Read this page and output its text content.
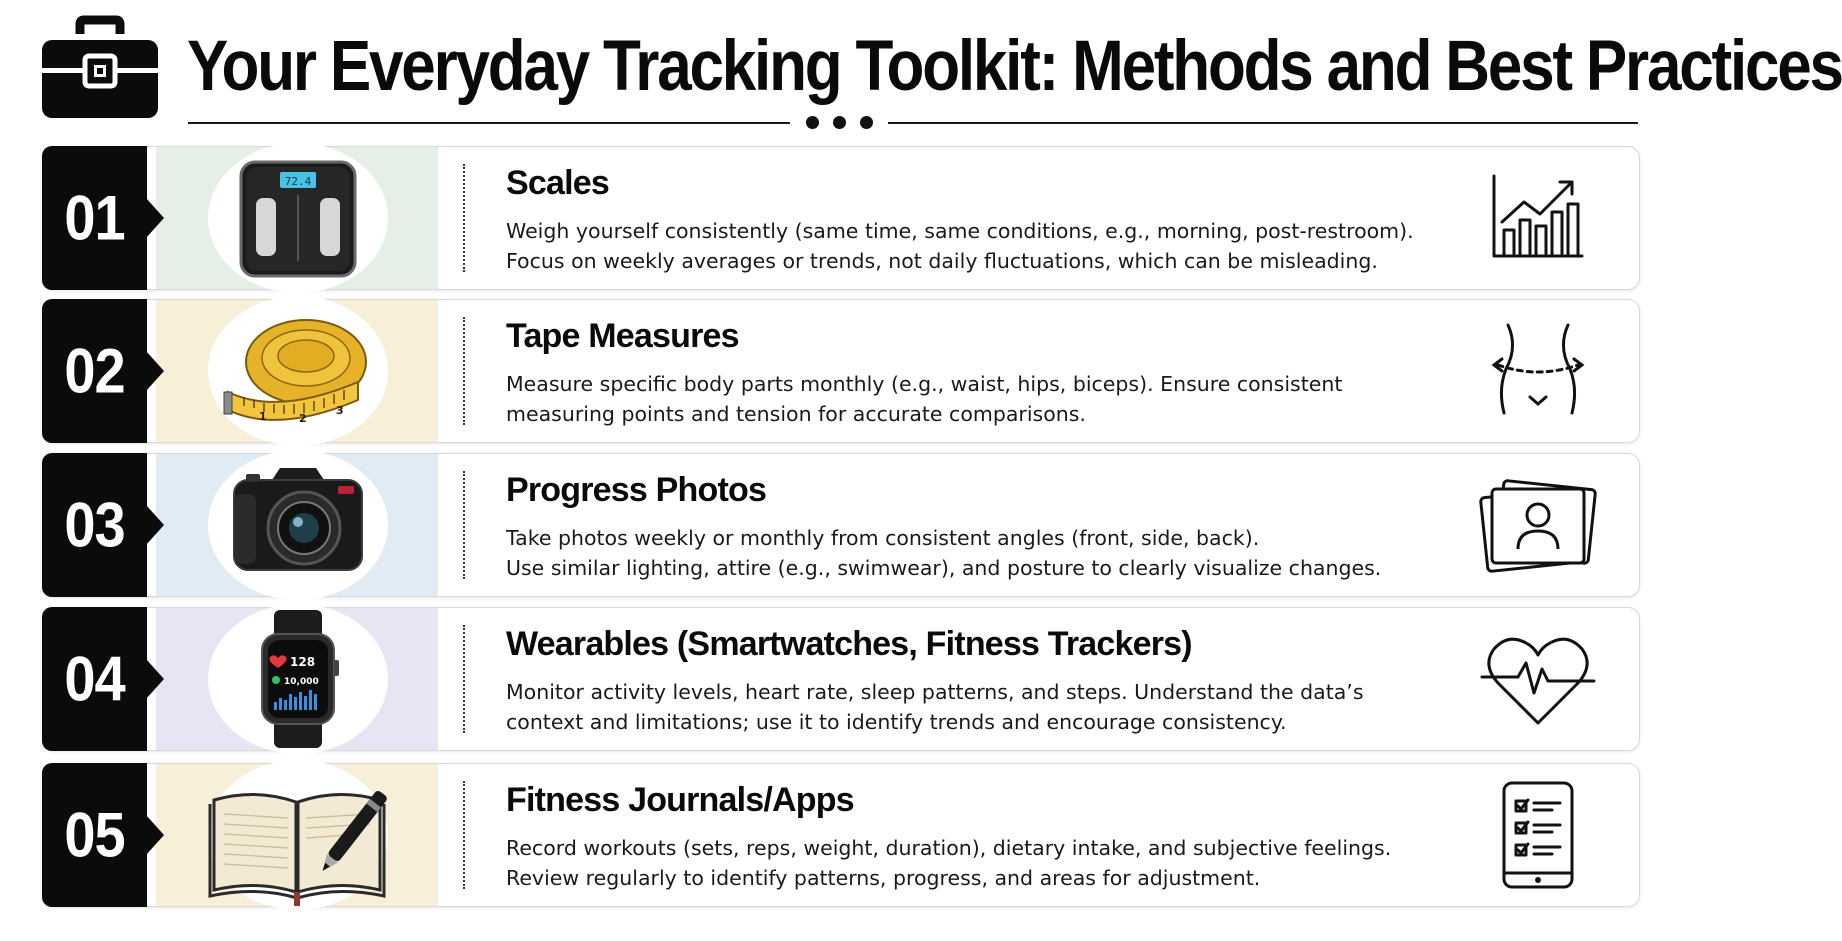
Your Everyday Tracking Toolkit: Methods and Best Practices
01
72.4	Scales
Weigh yourself consistently (same time, same conditions, e.g., morning, post-restroom).
Focus on weekly averages or trends, not daily fluctuations, which can be misleading.
02
1	2
3
Tape Measures
Measure specific body parts monthly (e.g., waist, hips, biceps). Ensure consistent
measuring points and tension for accurate comparisons.
03	Progress Photos
Take photos weekly or monthly from consistent angles (front, side, back).
Use similar lighting, attire (e.g., swimwear), and posture to clearly visualize changes.
04	128
10,000
Wearables (Smartwatches, Fitness Trackers)
Monitor activity levels, heart rate, sleep patterns, and steps. Understand the data’s
context and limitations; use it to identify trends and encourage consistency.
05	Fitness Journals/Apps
Record workouts (sets, reps, weight, duration), dietary intake, and subjective feelings.
Review regularly to identify patterns, progress, and areas for adjustment.
